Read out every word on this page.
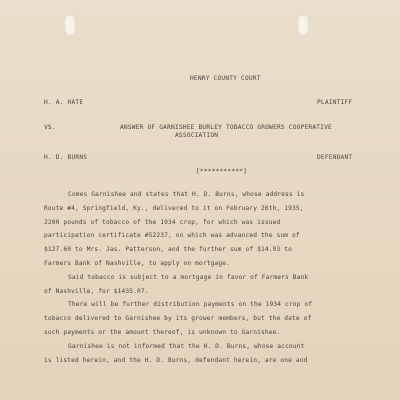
HENRY COUNTY COURT
H. A. HATE	PLAINTIFF
VS.	ANSWER OF GARNISHEE BURLEY TOBACCO GROWERS COOPERATIVE
ASSOCIATION
H. D. BURNS	DEFENDANT
[***********]
Comes Garnishee and states that H. D. Burns, whose address is
Route #4, Springfield, Ky., delivered to it on February 26th, 1935,
2200 pounds of tobacco of the 1934 crop, for which was issued
participation certificate #52237, on which was advanced the sum of
$127.60 to Mrs. Jas. Patterson, and the further sum of $14.93 to
Farmers Bank of Nashville, to apply on mortgage.
Said tobacco is subject to a mortgage in favor of Farmers Bank
of Nashville, for $1435.07.
There will be further distribution payments on the 1934 crop of
tobacco delivered to Garnishee by its grower members, but the date of
such payments or the amount thereof, is unknown to Garnishee.
Garnishee is not informed that the H. D. Burns, whose account
is listed herein, and the H. D. Burns, defendant herein, are one and
